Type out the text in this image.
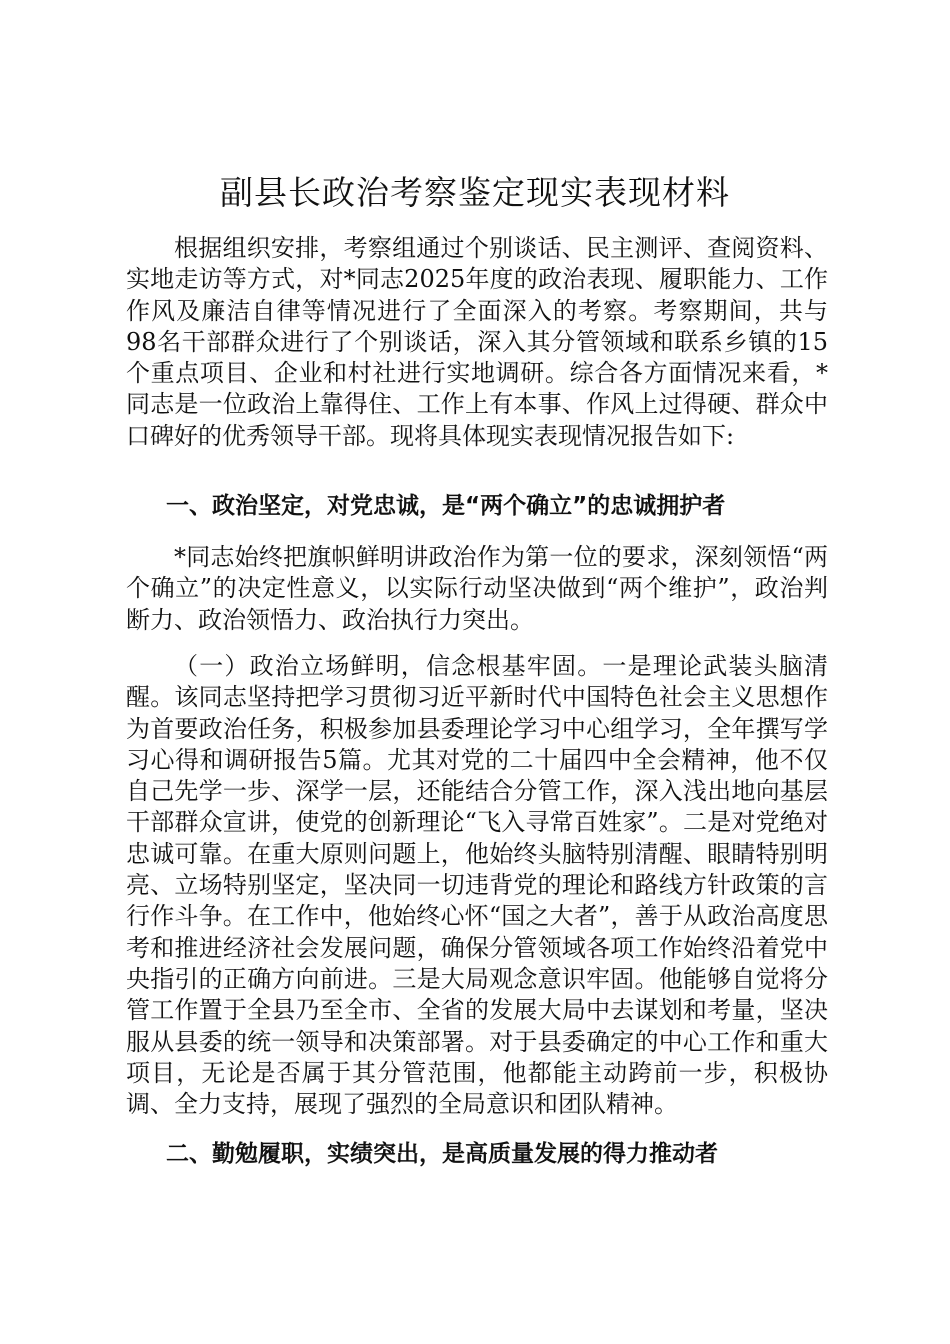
副县长政治考察鉴定现实表现材料

根据组织安排，考察组通过个别谈话、民主测评、查阅资料、实地走访等方式，对*同志2025年度的政治表现、履职能力、工作作风及廉洁自律等情况进行了全面深入的考察。考察期间，共与98名干部群众进行了个别谈话，深入其分管领域和联系乡镇的15个重点项目、企业和村社进行实地调研。综合各方面情况来看，*同志是一位政治上靠得住、工作上有本事、作风上过得硬、群众中口碑好的优秀领导干部。现将具体现实表现情况报告如下:

一、政治坚定，对党忠诚，是“两个确立”的忠诚拥护者

*同志始终把旗帜鲜明讲政治作为第一位的要求，深刻领悟“两个确立”的决定性意义，以实际行动坚决做到“两个维护”，政治判断力、政治领悟力、政治执行力突出。

（一）政治立场鲜明，信念根基牢固。一是理论武装头脑清醒。该同志坚持把学习贯彻习近平新时代中国特色社会主义思想作为首要政治任务，积极参加县委理论学习中心组学习，全年撰写学习心得和调研报告5篇。尤其对党的二十届四中全会精神，他不仅自己先学一步、深学一层，还能结合分管工作，深入浅出地向基层干部群众宣讲，使党的创新理论“飞入寻常百姓家”。二是对党绝对忠诚可靠。在重大原则问题上，他始终头脑特别清醒、眼睛特别明亮、立场特别坚定，坚决同一切违背党的理论和路线方针政策的言行作斗争。在工作中，他始终心怀“国之大者”，善于从政治高度思考和推进经济社会发展问题，确保分管领域各项工作始终沿着党中央指引的正确方向前进。三是大局观念意识牢固。他能够自觉将分管工作置于全县乃至全市、全省的发展大局中去谋划和考量，坚决服从县委的统一领导和决策部署。对于县委确定的中心工作和重大项目，无论是否属于其分管范围，他都能主动跨前一步，积极协调、全力支持，展现了强烈的全局意识和团队精神。

二、勤勉履职，实绩突出，是高质量发展的得力推动者
